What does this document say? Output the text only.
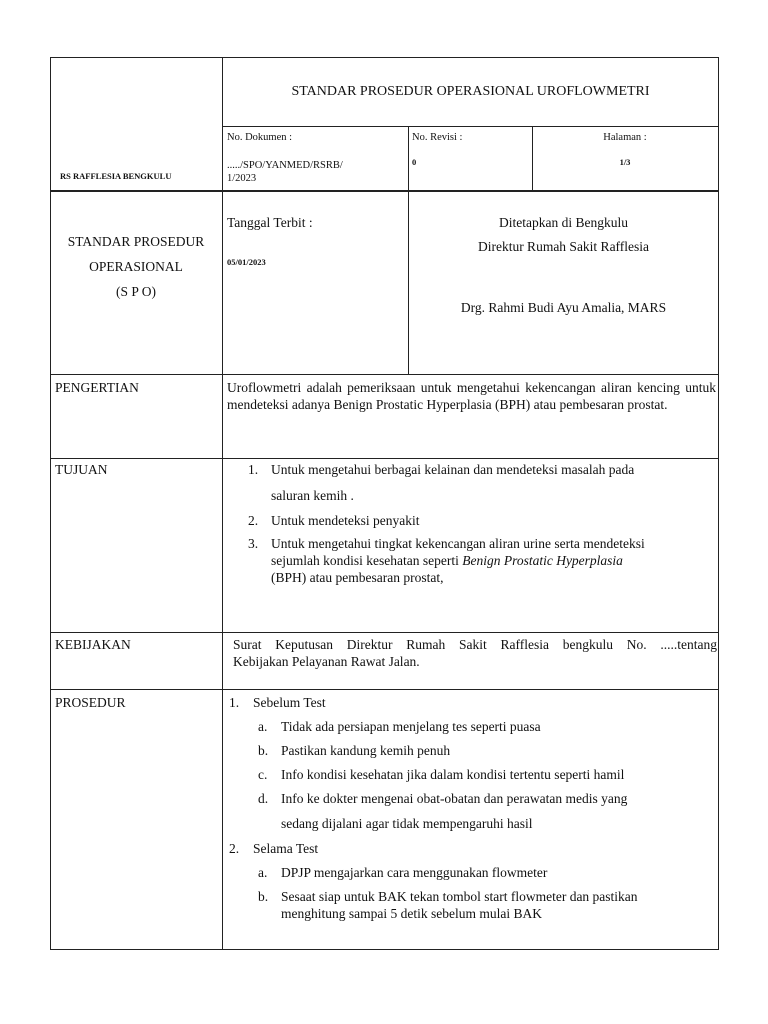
RS RAFFLESIA BENGKULU
STANDAR PROSEDUR OPERASIONAL UROFLOWMETRI
No. Dokumen :
...../SPO/YANMED/RSRB/
1/2023
No. Revisi :
0
Halaman :
1/3
STANDAR PROSEDUR
OPERASIONAL
(S P O)
Tanggal Terbit :
05/01/2023
Ditetapkan di Bengkulu
Direktur Rumah Sakit Rafflesia
Drg. Rahmi Budi Ayu Amalia, MARS
PENGERTIAN	Uroflowmetri adalah pemeriksaan untuk mengetahui kekencangan aliran kencing untuk mendeteksi adanya Benign Prostatic Hyperplasia (BPH) atau pembesaran prostat.
TUJUAN	1. Untuk mengetahui berbagai kelainan dan mendeteksi masalah pada
saluran kemih .
2. Untuk mendeteksi penyakit
3. Untuk mengetahui tingkat kekencangan aliran urine serta mendeteksi
sejumlah kondisi kesehatan seperti Benign Prostatic Hyperplasia
(BPH) atau pembesaran prostat,
KEBIJAKAN	Surat Keputusan Direktur Rumah Sakit Rafflesia bengkulu No. .....tentang
Kebijakan Pelayanan Rawat Jalan.
PROSEDUR	1. Sebelum Test
a. Tidak ada persiapan menjelang tes seperti puasa
b. Pastikan kandung kemih penuh
c. Info kondisi kesehatan jika dalam kondisi tertentu seperti hamil
d. Info ke dokter mengenai obat-obatan dan perawatan medis yang
sedang dijalani agar tidak mempengaruhi hasil
2. Selama Test
a. DPJP mengajarkan cara menggunakan flowmeter
b. Sesaat siap untuk BAK tekan tombol start flowmeter dan pastikan
menghitung sampai 5 detik sebelum mulai BAK
